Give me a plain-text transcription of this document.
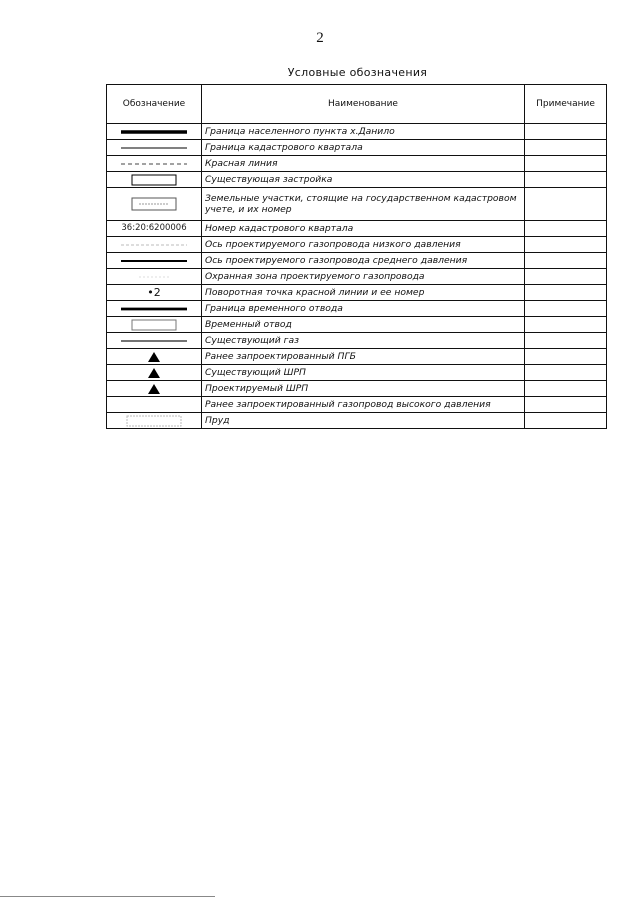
2
Условные обозначения
Обозначение	Наименование	Примечание

	Граница населенного пункта х.Данило	

	Граница кадастрового квартала	

	Красная линия	

	Существующая застройка	

	Земельные участки, стоящие на государственном кадастровом учете, и их номер	

36:20:6200006	Номер кадастрового квартала	

	Ось проектируемого газопровода низкого давления	

	Ось проектируемого газопровода среднего давления	

	Охранная зона проектируемого газопровода	

•2	Поворотная точка красной линии и ее номер	

	Граница временного отвода	

	Временный отвод	

	Существующий газ	

	Ранее запроектированный ПГБ	

	Существующий ШРП	

	Проектируемый ШРП	

	Ранее запроектированный газопровод высокого давления	

	Пруд	
